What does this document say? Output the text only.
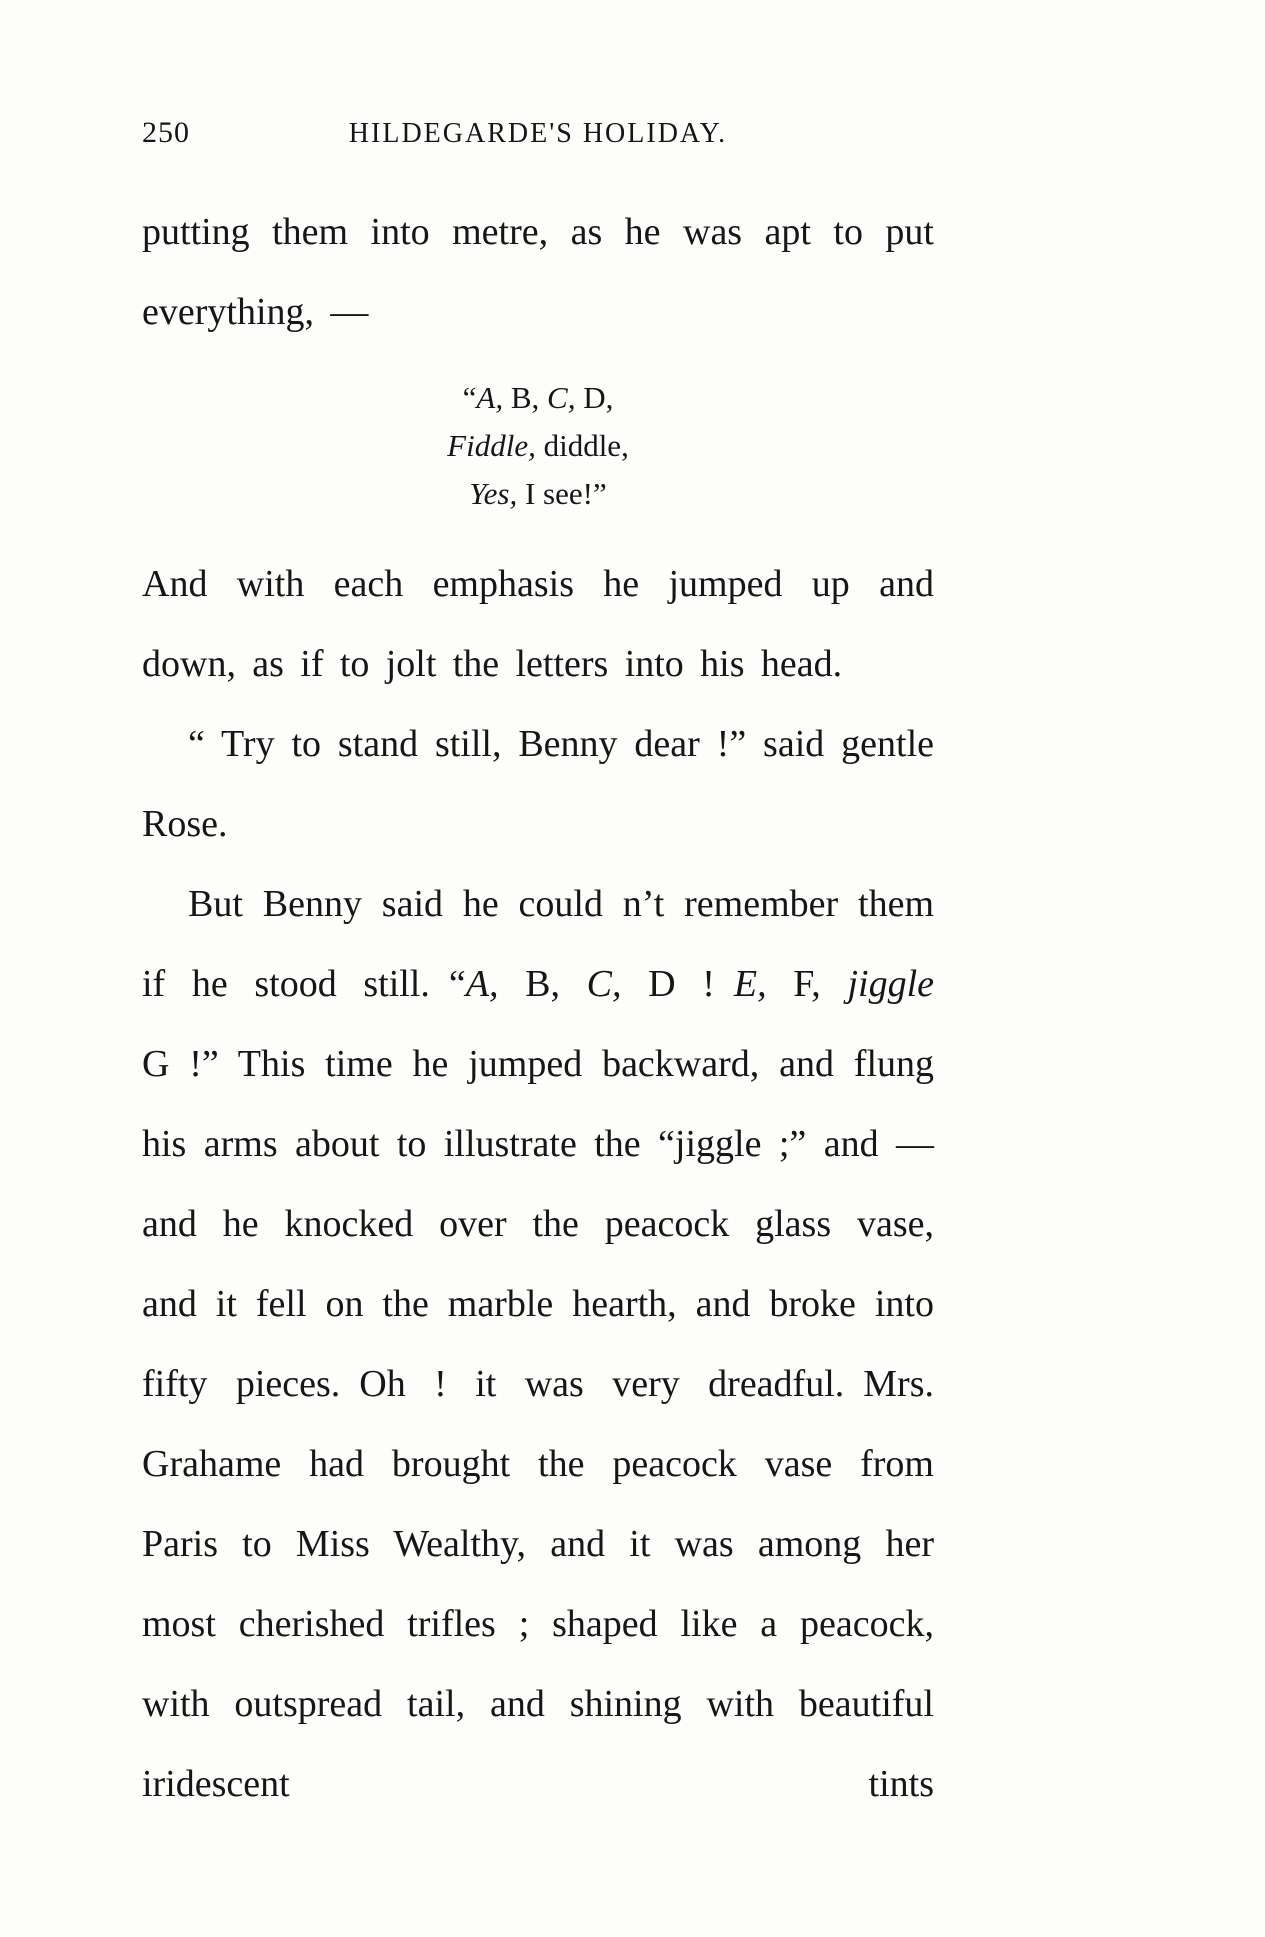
250	HILDEGARDE'S HOLIDAY.

putting them into metre, as he was apt to put everything, —

“A, B, C, D,
Fiddle, diddle,
Yes, I see!”

And with each emphasis he jumped up and down, as if to jolt the letters into his head.

“ Try to stand still, Benny dear !” said gentle Rose.

But Benny said he could n’t remember them if he stood still. “A, B, C, D ! E, F, jiggle G !” This time he jumped backward, and flung his arms about to illustrate the “jiggle ;” and — and he knocked over the peacock glass vase, and it fell on the marble hearth, and broke into fifty pieces. Oh ! it was very dreadful. Mrs. Grahame had brought the peacock vase from Paris to Miss Wealthy, and it was among her most cherished trifles ; shaped like a peacock, with outspread tail, and shining with beautiful iridescent tints
